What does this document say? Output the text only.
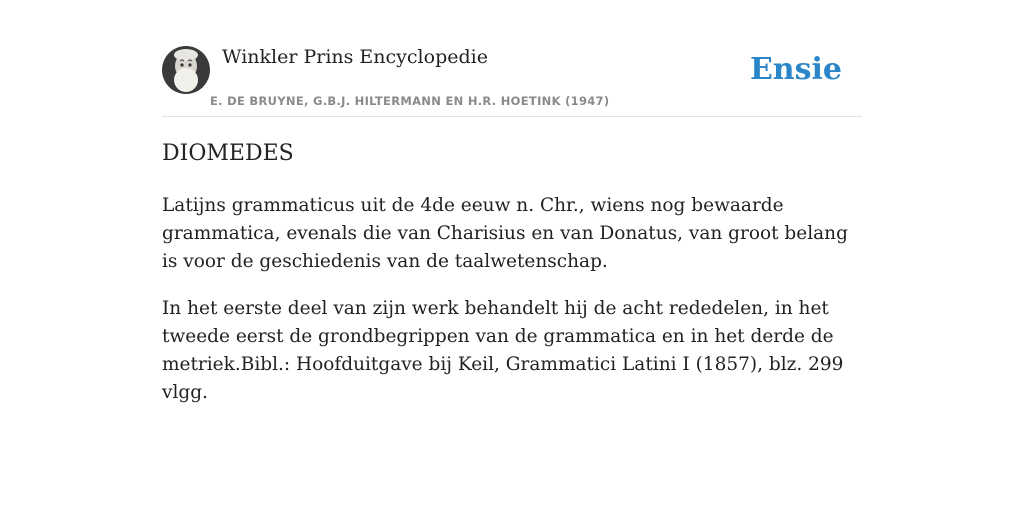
Winkler Prins Encyclopedie
E. DE BRUYNE, G.B.J. HILTERMANN EN H.R. HOETINK (1947)
Ensie
DIOMEDES

Latijns grammaticus uit de 4de eeuw n. Chr., wiens nog bewaarde grammatica, evenals die van Charisius en van Donatus, van groot belang is voor de geschiedenis van de taalwetenschap.

In het eerste deel van zijn werk behandelt hij de acht rededelen, in het tweede eerst de grondbegrippen van de grammatica en in het derde de metriek.Bibl.: Hoofduitgave bij Keil, Grammatici Latini I (1857), blz. 299 vlgg.
